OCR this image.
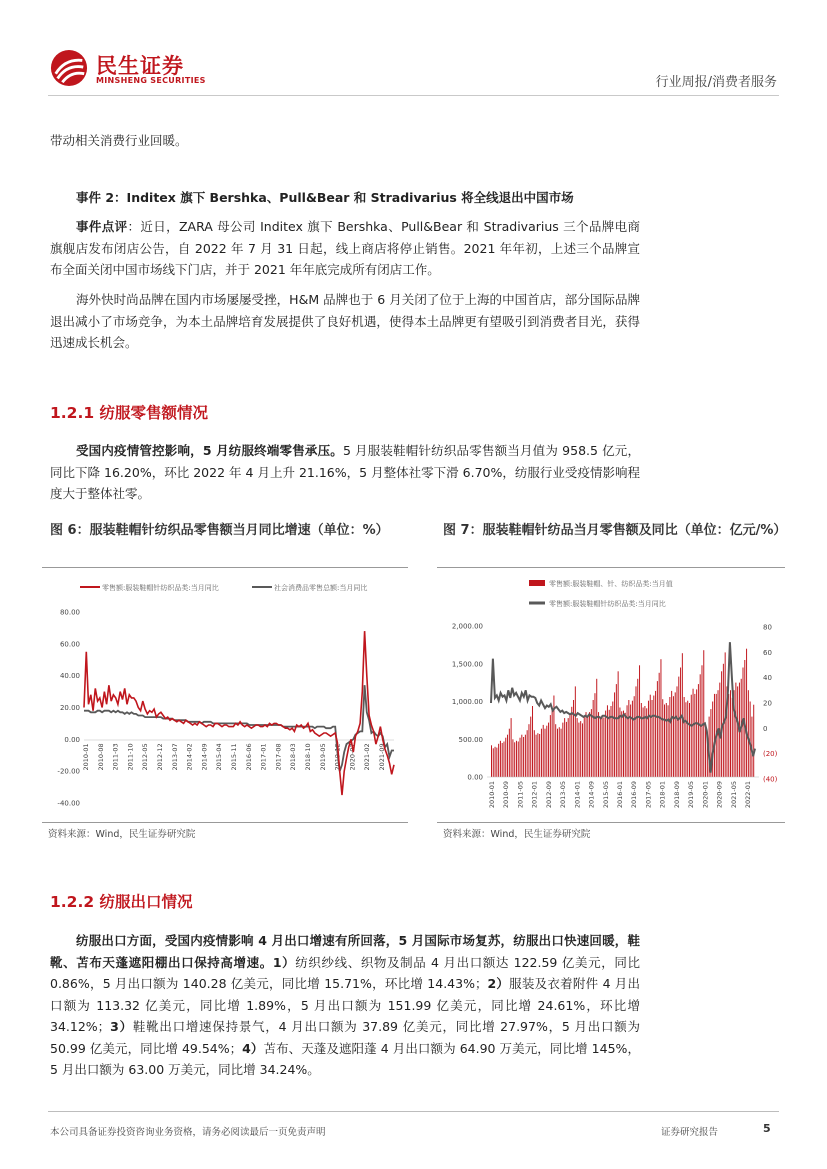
民生证券
MINSHENG SECURITIES	行业周报/消费者服务
带动相关消费行业回暖。
事件 2：Inditex 旗下 Bershka、Pull&Bear 和 Stradivarius 将全线退出中国市场
事件点评：近日，ZARA 母公司 Inditex 旗下 Bershka、Pull&Bear 和 Stradivarius 三个品牌电商旗舰店发布闭店公告，自 2022 年 7 月 31 日起，线上商店将停止销售。2021 年年初，上述三个品牌宣布全面关闭中国市场线下门店，并于 2021 年年底完成所有闭店工作。
海外快时尚品牌在国内市场屡屡受挫，H&M 品牌也于 6 月关闭了位于上海的中国首店，部分国际品牌退出减小了市场竞争，为本土品牌培育发展提供了良好机遇，使得本土品牌更有望吸引到消费者目光，获得迅速成长机会。
1.2.1 纺服零售额情况
受国内疫情管控影响，5 月纺服终端零售承压。5 月服装鞋帽针纺织品零售额当月值为 958.5 亿元，同比下降 16.20%，环比 2022 年 4 月上升 21.16%，5 月整体社零下滑 6.70%，纺服行业受疫情影响程度大于整体社零。
图 6：服装鞋帽针纺织品零售额当月同比增速（单位：%）
零售额:服装鞋帽针纺织品类:当月同比	社会消费品零售总额:当月同比
80.00
60.00
40.00
20.00
0.00
-20.00
-40.00
2010-01 2010-08 2011-03 2011-10 2012-05 2012-12 2013-07 2014-02 2014-09 2015-04 2015-11 2016-06 2017-01 2017-08 2018-03 2018-10 2019-05 2019-12 2020-07 2021-02 2021-09
资料来源：Wind，民生证券研究院
图 7：服装鞋帽针纺品当月零售额及同比（单位：亿元/%）
零售额:服装鞋帽、针、纺织品类:当月值
零售额:服装鞋帽针纺织品类:当月同比
2,000.00
1,500.00
1,000.00
500.00
0.00
80
60
40
20
0
(20)
(40)
2010-01 2010-09 2011-05 2012-01 2012-09 2013-05 2014-01 2014-09 2015-05 2016-01 2016-09 2017-05 2018-01 2018-09 2019-05 2020-01 2020-09 2021-05 2022-01
资料来源：Wind，民生证券研究院
1.2.2 纺服出口情况
纺服出口方面，受国内疫情影响 4 月出口增速有所回落，5 月国际市场复苏，纺服出口快速回暖，鞋靴、苫布天蓬遮阳棚出口保持高增速。1）纺织纱线、织物及制品 4 月出口额达 122.59 亿美元，同比 0.86%，5 月出口额为 140.28 亿美元，同比增 15.71%，环比增 14.43%；2）服装及衣着附件 4 月出口额为 113.32 亿美元，同比增 1.89%，5 月出口额为 151.99 亿美元，同比增 24.61%，环比增 34.12%；3）鞋靴出口增速保持景气，4 月出口额为 37.89 亿美元，同比增 27.97%，5 月出口额为 50.99 亿美元，同比增 49.54%；4）苫布、天蓬及遮阳蓬 4 月出口额为 64.90 万美元，同比增 145%，5 月出口额为 63.00 万美元，同比增 34.24%。
本公司具备证券投资咨询业务资格，请务必阅读最后一页免责声明	证券研究报告	5
